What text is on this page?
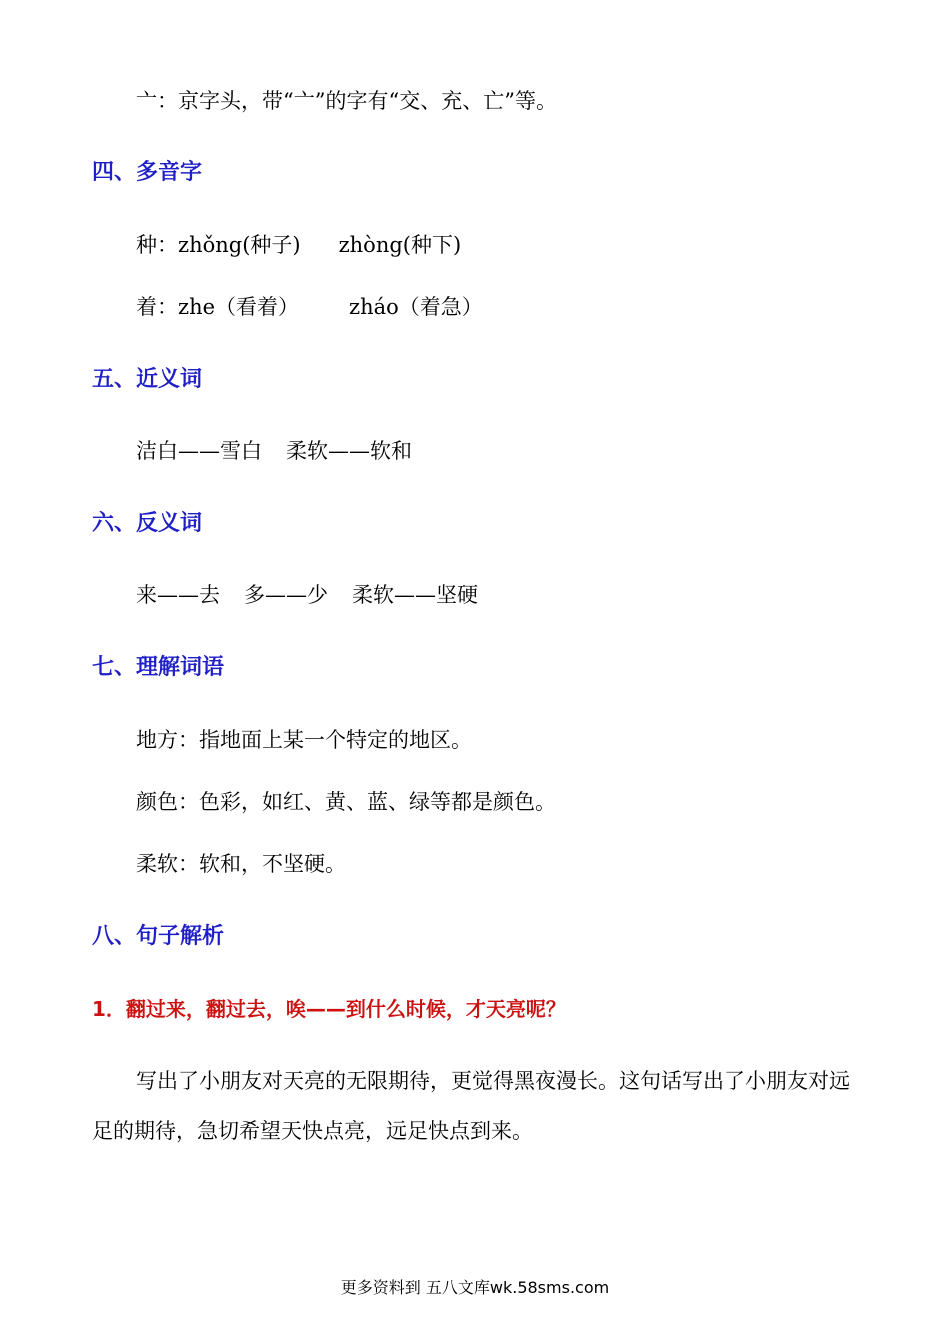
亠：京字头，带“亠”的字有“交、充、亡”等。
四、多音字
种：zhǒng(种子) zhòng(种下)
着：zhe（看着） zháo（着急）
五、近义词
洁白——雪白 柔软——软和
六、反义词
来——去 多——少 柔软——坚硬
七、理解词语
地方：指地面上某一个特定的地区。
颜色：色彩，如红、黄、蓝、绿等都是颜色。
柔软：软和，不坚硬。
八、句子解析
1．翻过来，翻过去，唉——到什么时候，才天亮呢？
写出了小朋友对天亮的无限期待，更觉得黑夜漫长。这句话写出了小朋友对远足的期待，急切希望天快点亮，远足快点到来。
更多资料到 五八文库wk.58sms.com
